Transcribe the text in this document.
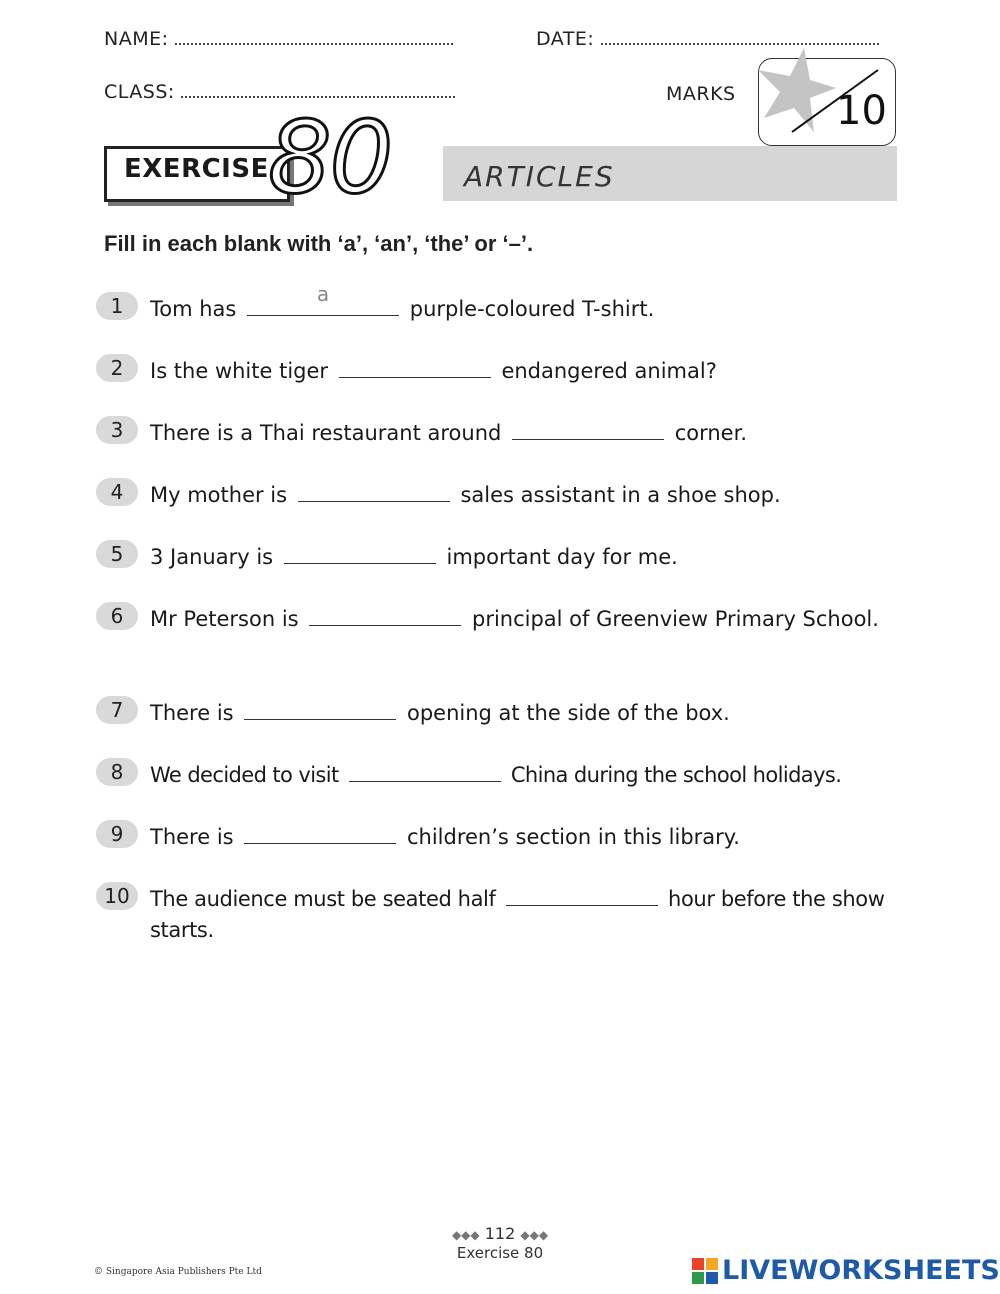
NAME:	DATE:
CLASS:	MARKS	10
EXERCISE 80	ARTICLES
Fill in each blank with ‘a’, ‘an’, ‘the’ or ‘–’.
1	Tom has
a
purple-coloured T-shirt.
2	Is the white tiger	endangered animal?
3	There is a Thai restaurant around	corner.
4	My mother is	sales assistant in a shoe shop.
5	3 January is	important day for me.
6	Mr Peterson is	principal of Greenview Primary School.
7	There is	opening at the side of the box.
8	We decided to visit	China during the school holidays.
9	There is	children’s section in this library.
10 The audience must be seated half	hour before the show starts.
◆◆◆ 112 ◆◆◆
Exercise 80
© Singapore Asia Publishers Pte Ltd	LIVEWORKSHEETS
